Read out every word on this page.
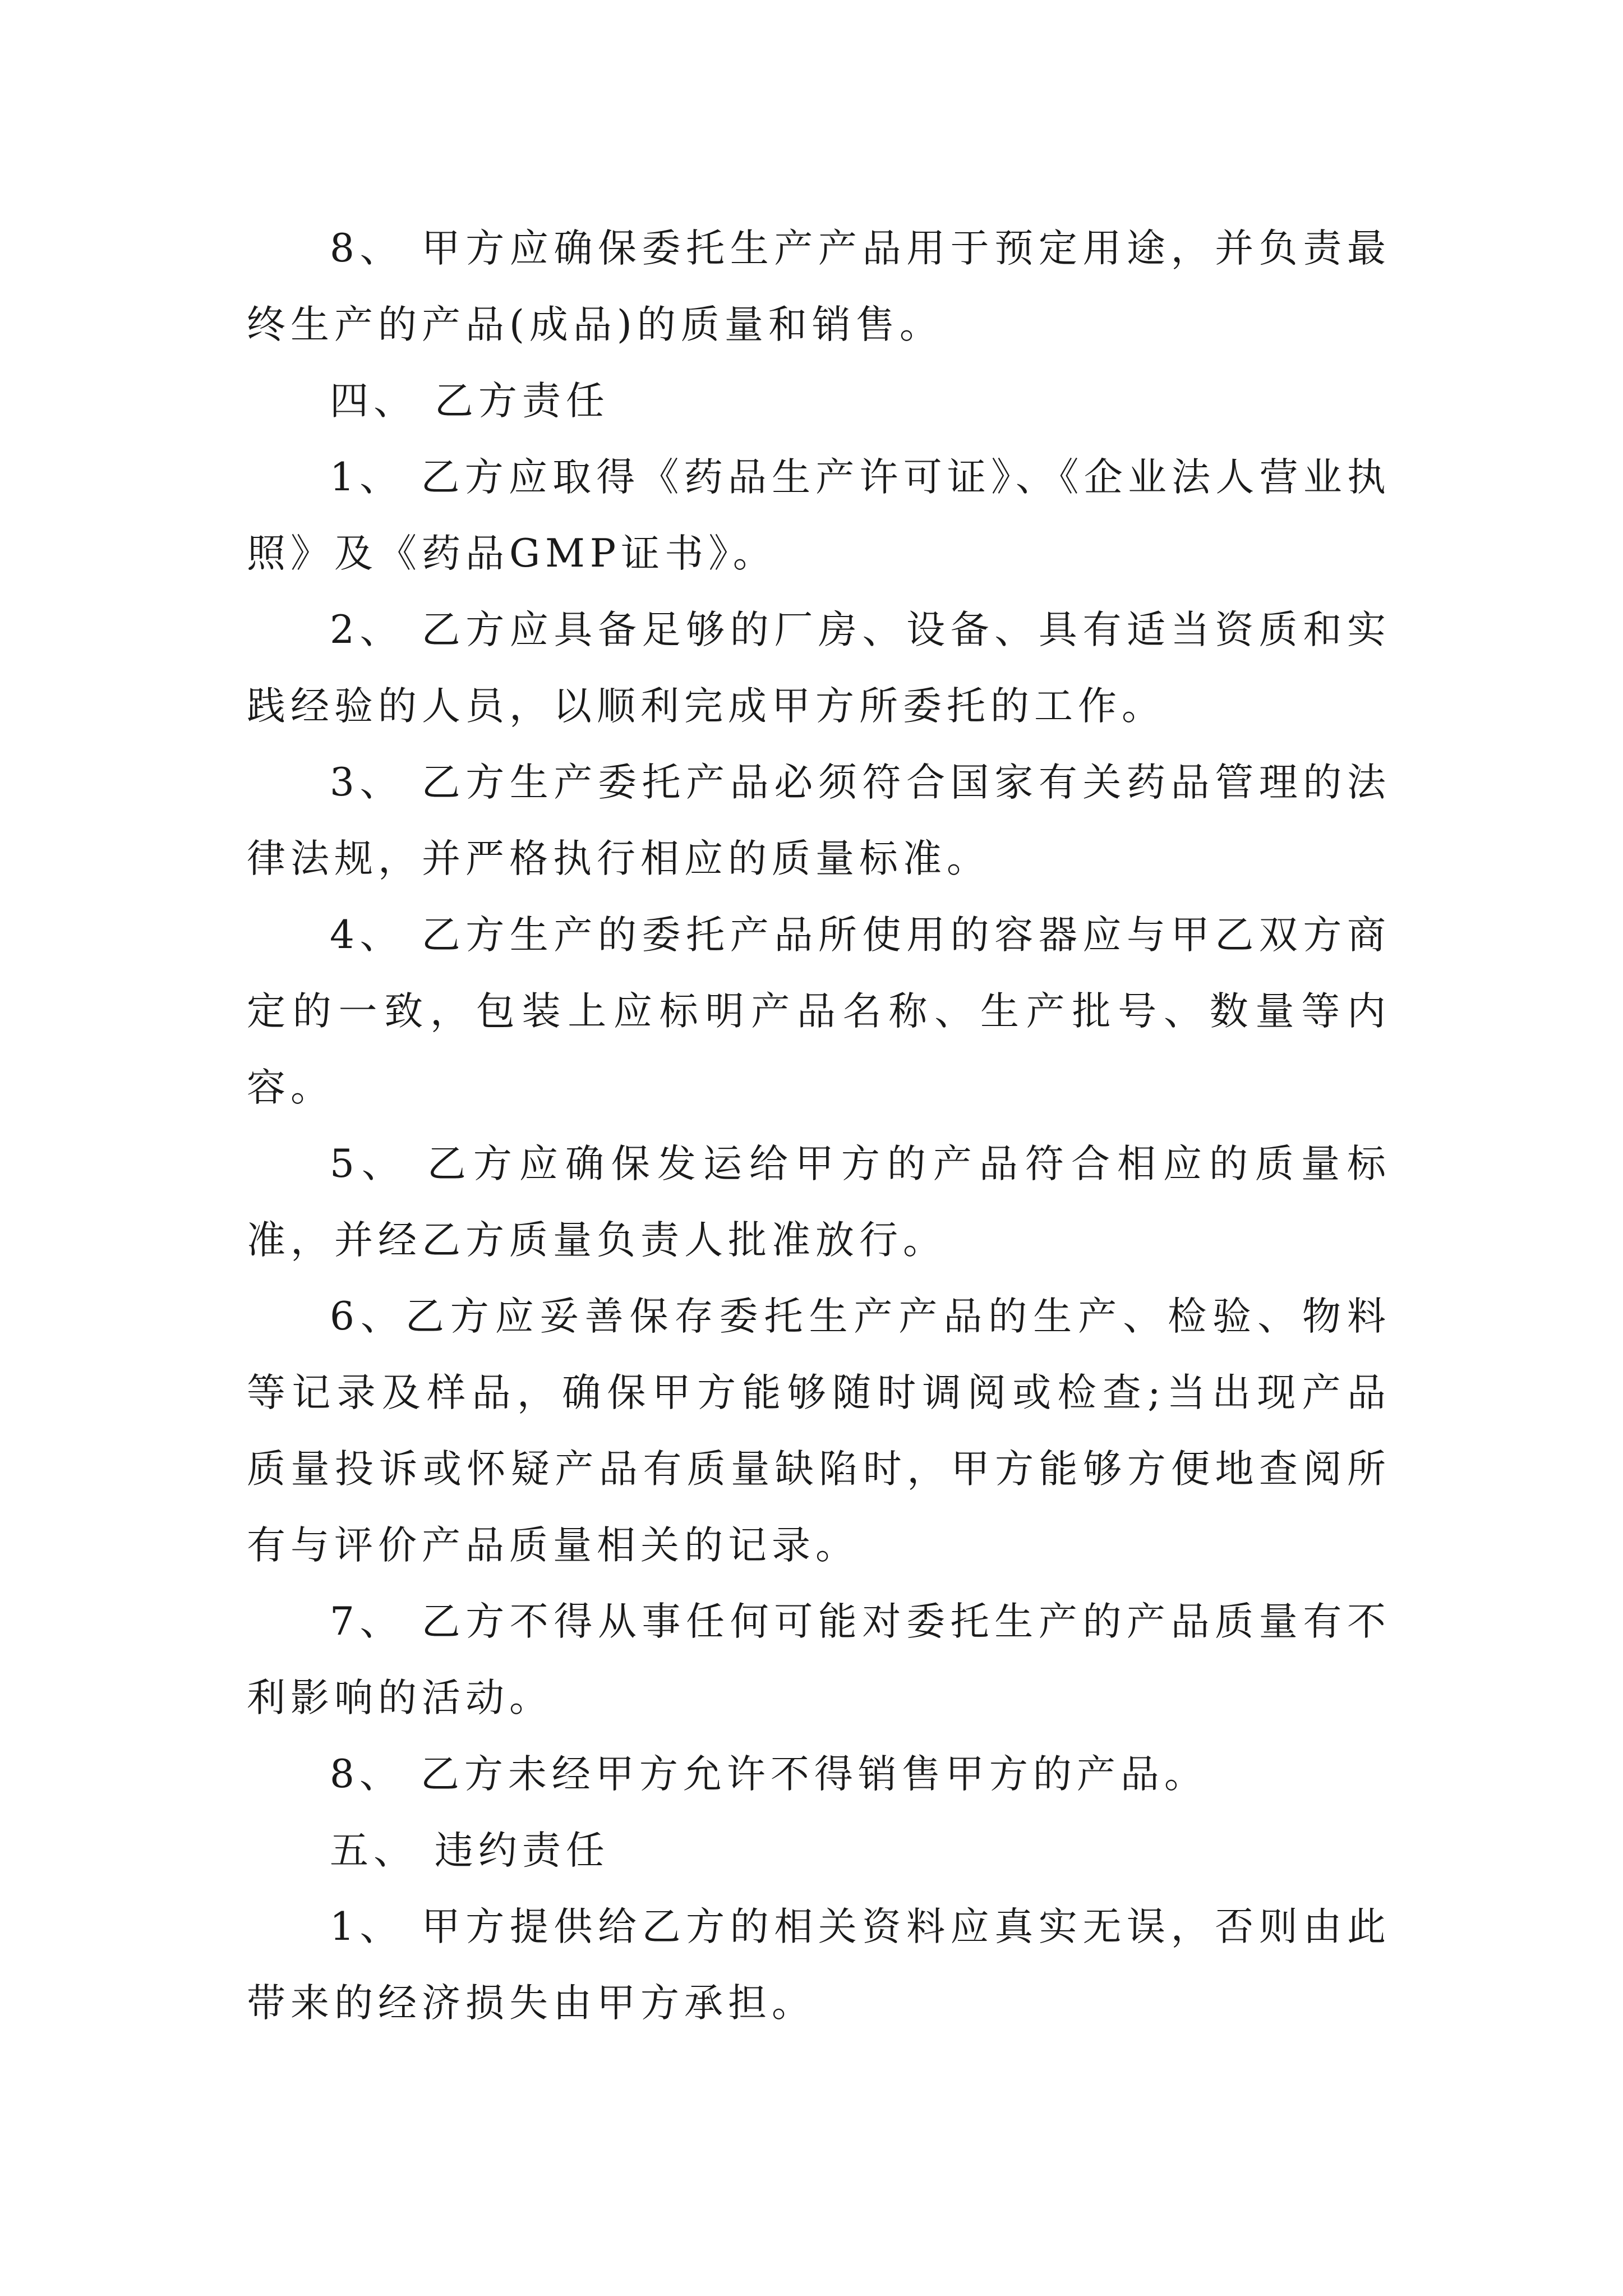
8、 甲方应确保委托生产产品用于预定用途，并负责最终生产的产品(成品)的质量和销售。

四、 乙方责任

1、 乙方应取得《药品生产许可证》、《企业法人营业执照》及《药品GMP证书》。

2、 乙方应具备足够的厂房、设备、具有适当资质和实践经验的人员，以顺利完成甲方所委托的工作。

3、 乙方生产委托产品必须符合国家有关药品管理的法律法规，并严格执行相应的质量标准。

4、 乙方生产的委托产品所使用的容器应与甲乙双方商定的一致，包装上应标明产品名称、生产批号、数量等内容。

5、 乙方应确保发运给甲方的产品符合相应的质量标准，并经乙方质量负责人批准放行。

6、乙方应妥善保存委托生产产品的生产、检验、物料等记录及样品，确保甲方能够随时调阅或检查;当出现产品质量投诉或怀疑产品有质量缺陷时，甲方能够方便地查阅所有与评价产品质量相关的记录。

7、 乙方不得从事任何可能对委托生产的产品质量有不利影响的活动。

8、 乙方未经甲方允许不得销售甲方的产品。

五、 违约责任

1、 甲方提供给乙方的相关资料应真实无误，否则由此带来的经济损失由甲方承担。
